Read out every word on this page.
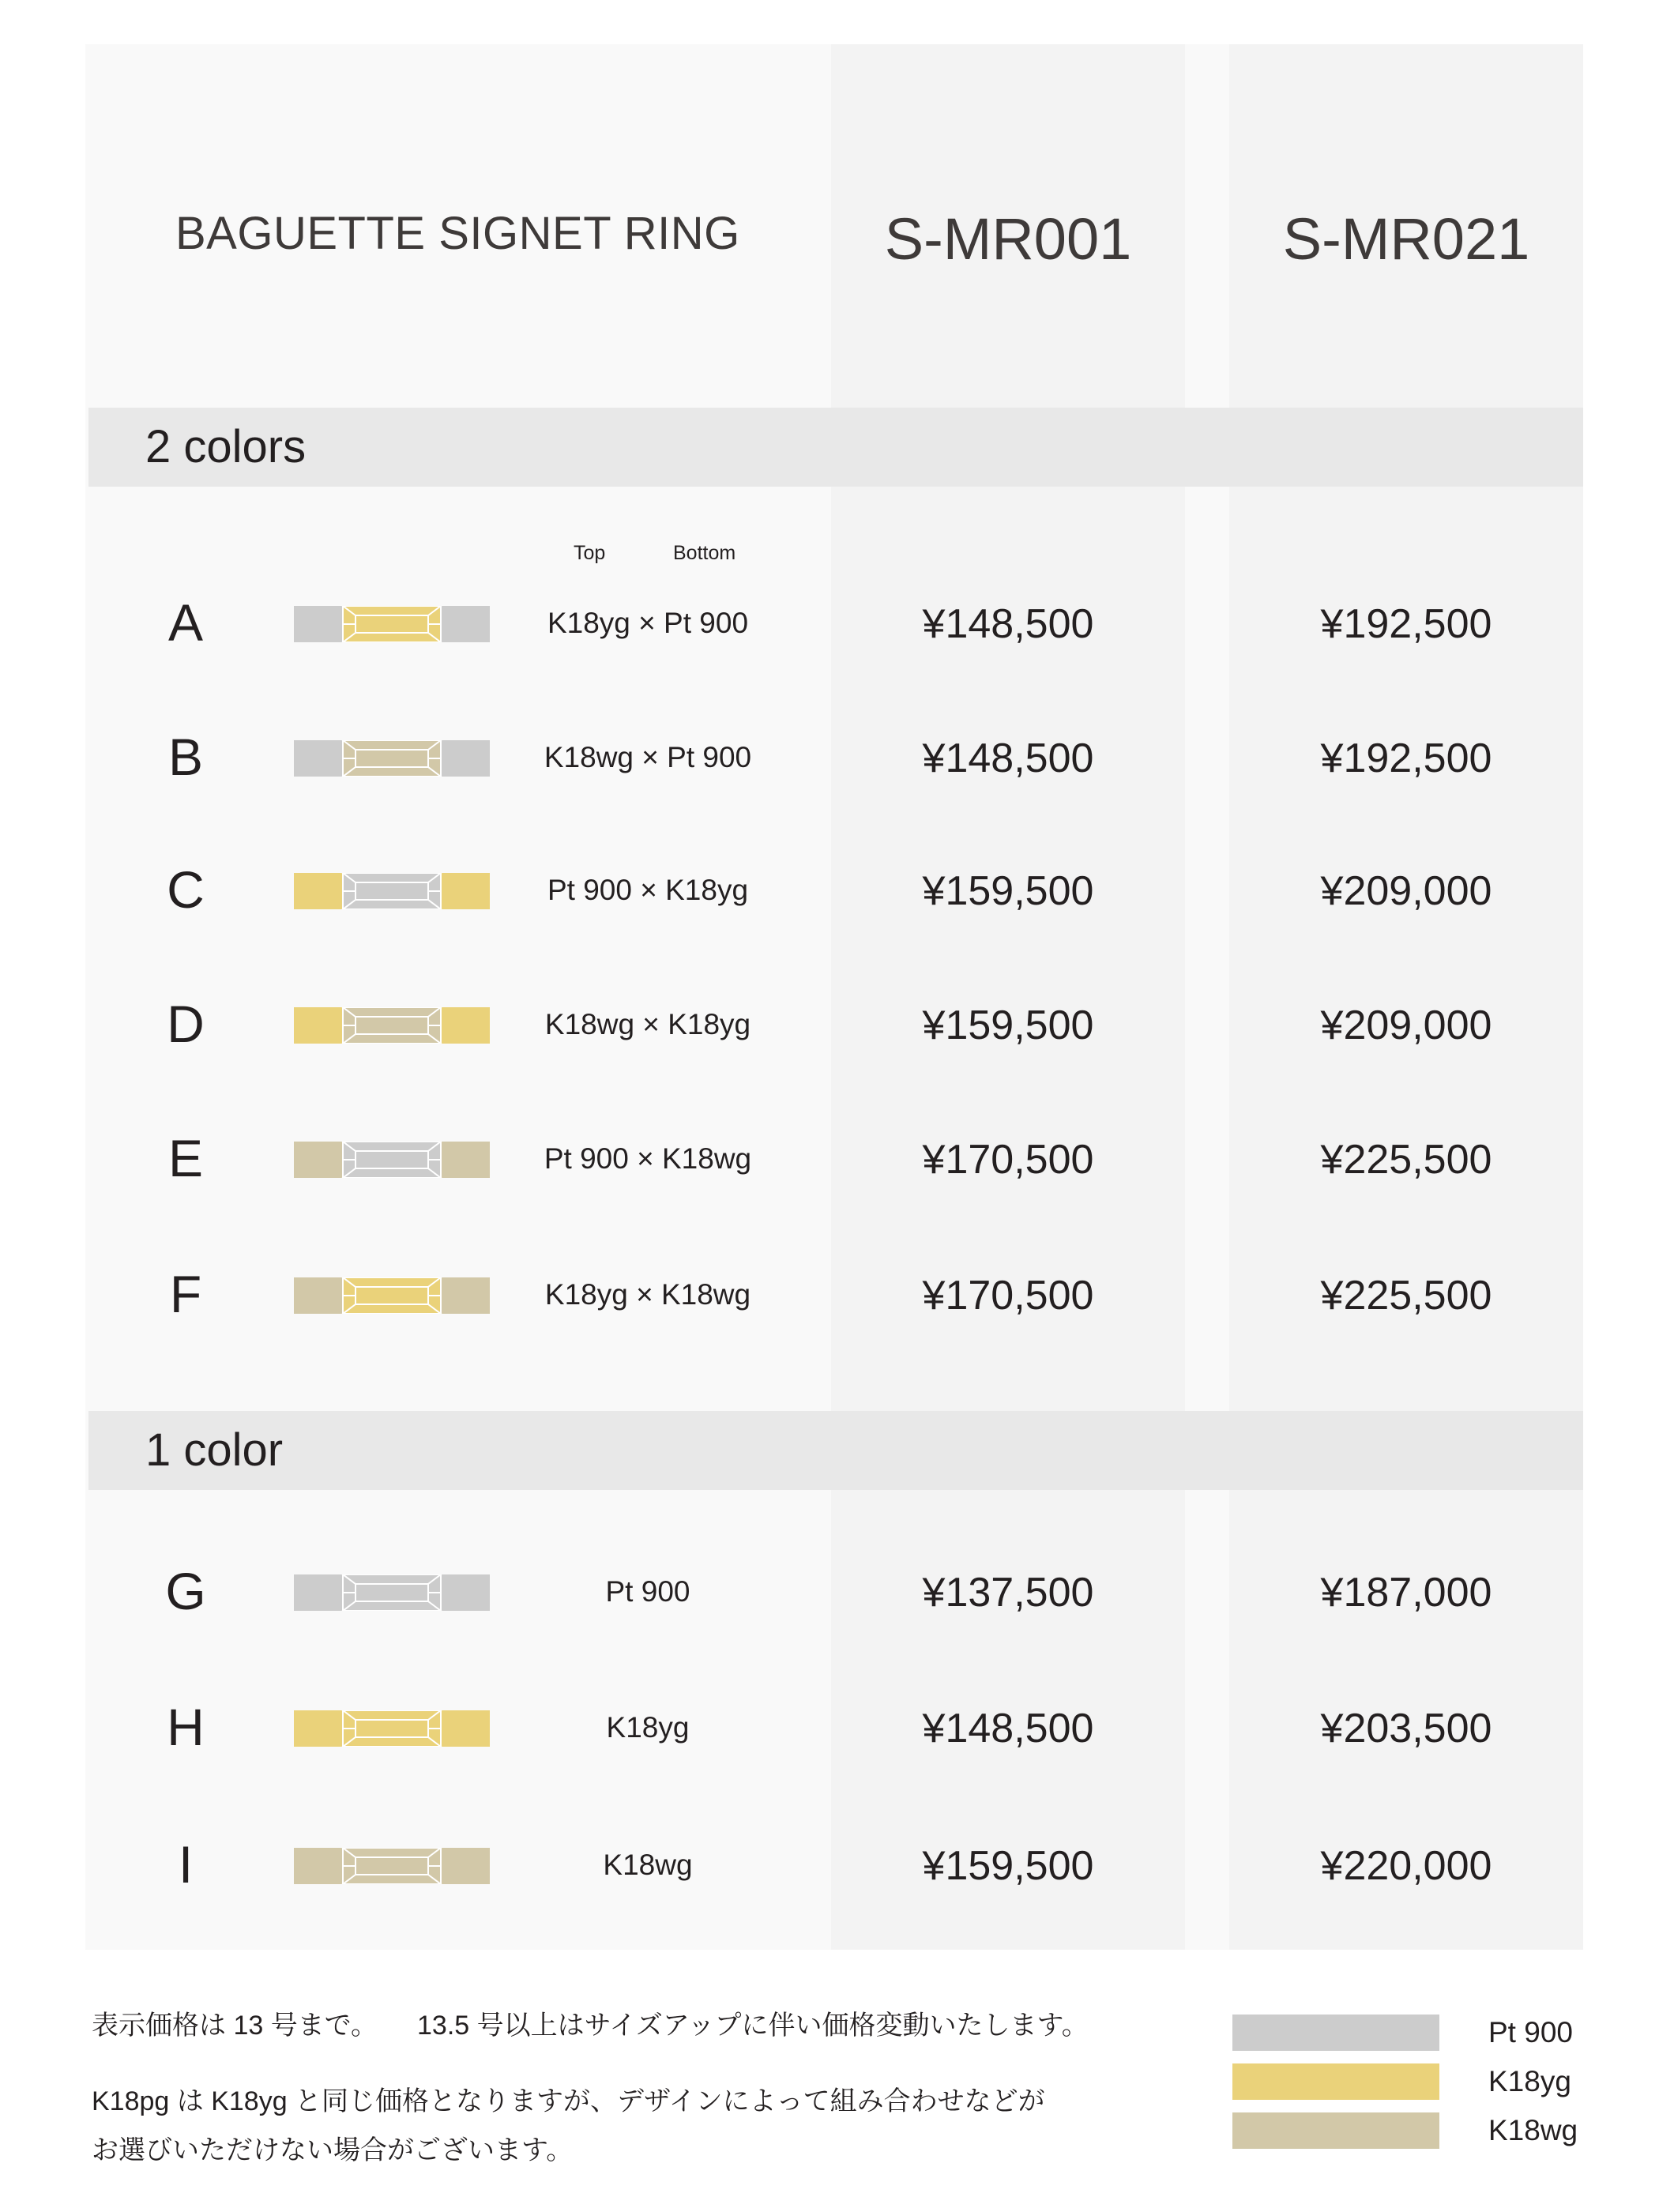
BAGUETTE SIGNET RING	S-MR001	S-MR021
2 colors
1 color
Top	Bottom
A	K18yg × Pt 900	¥148,500	¥192,500
B	K18wg × Pt 900	¥148,500	¥192,500
C	Pt 900 × K18yg	¥159,500	¥209,000
D	K18wg × K18yg	¥159,500	¥209,000
E	Pt 900 × K18wg	¥170,500	¥225,500
F	K18yg × K18wg	¥170,500	¥225,500
G	Pt 900	¥137,500	¥187,000
H	K18yg	¥148,500	¥203,500
I	K18wg	¥159,500	¥220,000
表示価格は 13 号まで。 13.5 号以上はサイズアップに伴い価格変動いたします。
K18pg は K18yg と同じ価格となりますが、デザインによって組み合わせなどが
お選びいただけない場合がございます。
Pt 900
K18yg
K18wg
